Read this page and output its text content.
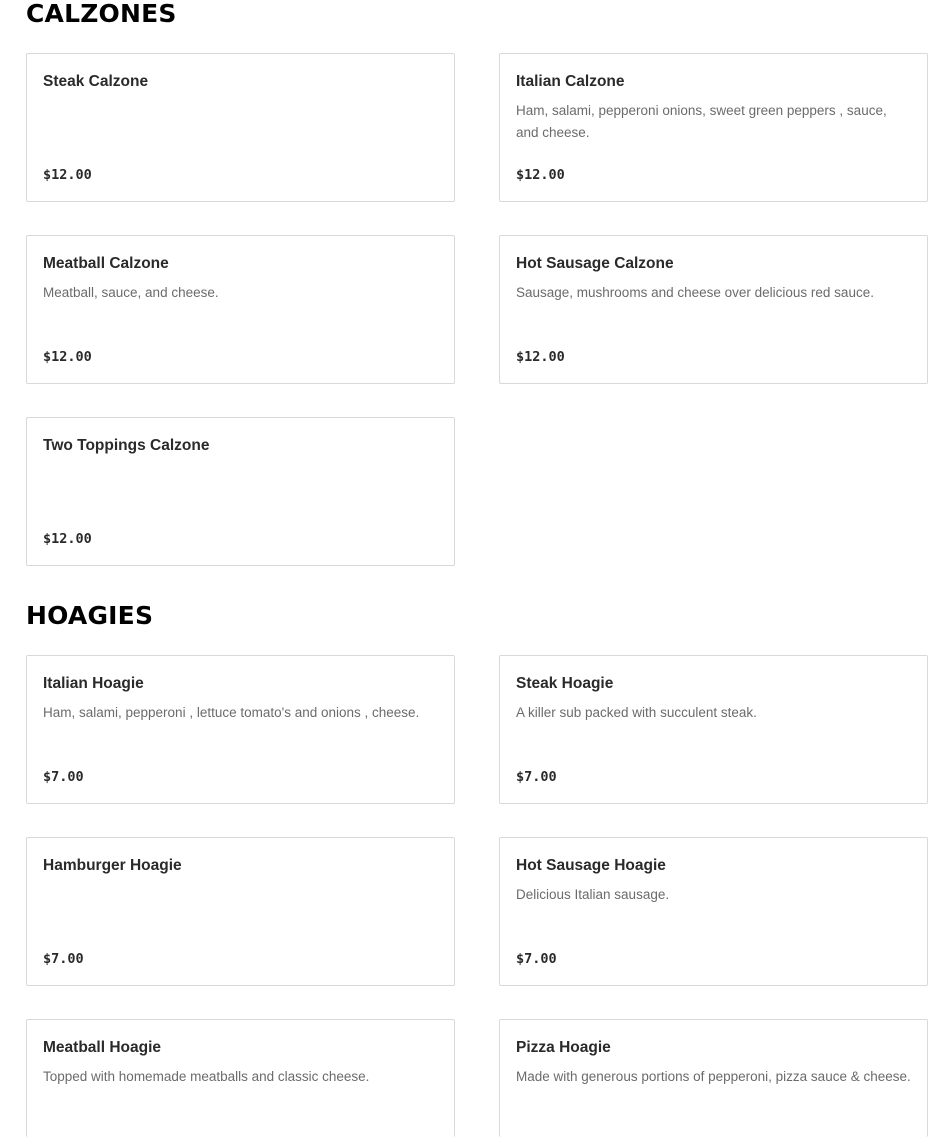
CALZONES
Steak Calzone
$12.00
Italian Calzone
Ham, salami, pepperoni onions, sweet green peppers , sauce, and cheese.
$12.00
Meatball Calzone
Meatball, sauce, and cheese.
$12.00
Hot Sausage Calzone
Sausage, mushrooms and cheese over delicious red sauce.
$12.00
Two Toppings Calzone
$12.00
HOAGIES
Italian Hoagie
Ham, salami, pepperoni , lettuce tomato's and onions , cheese.
$7.00
Steak Hoagie
A killer sub packed with succulent steak.
$7.00
Hamburger Hoagie
$7.00
Hot Sausage Hoagie
Delicious Italian sausage.
$7.00
Meatball Hoagie
Topped with homemade meatballs and classic cheese.
Pizza Hoagie
Made with generous portions of pepperoni, pizza sauce & cheese.
